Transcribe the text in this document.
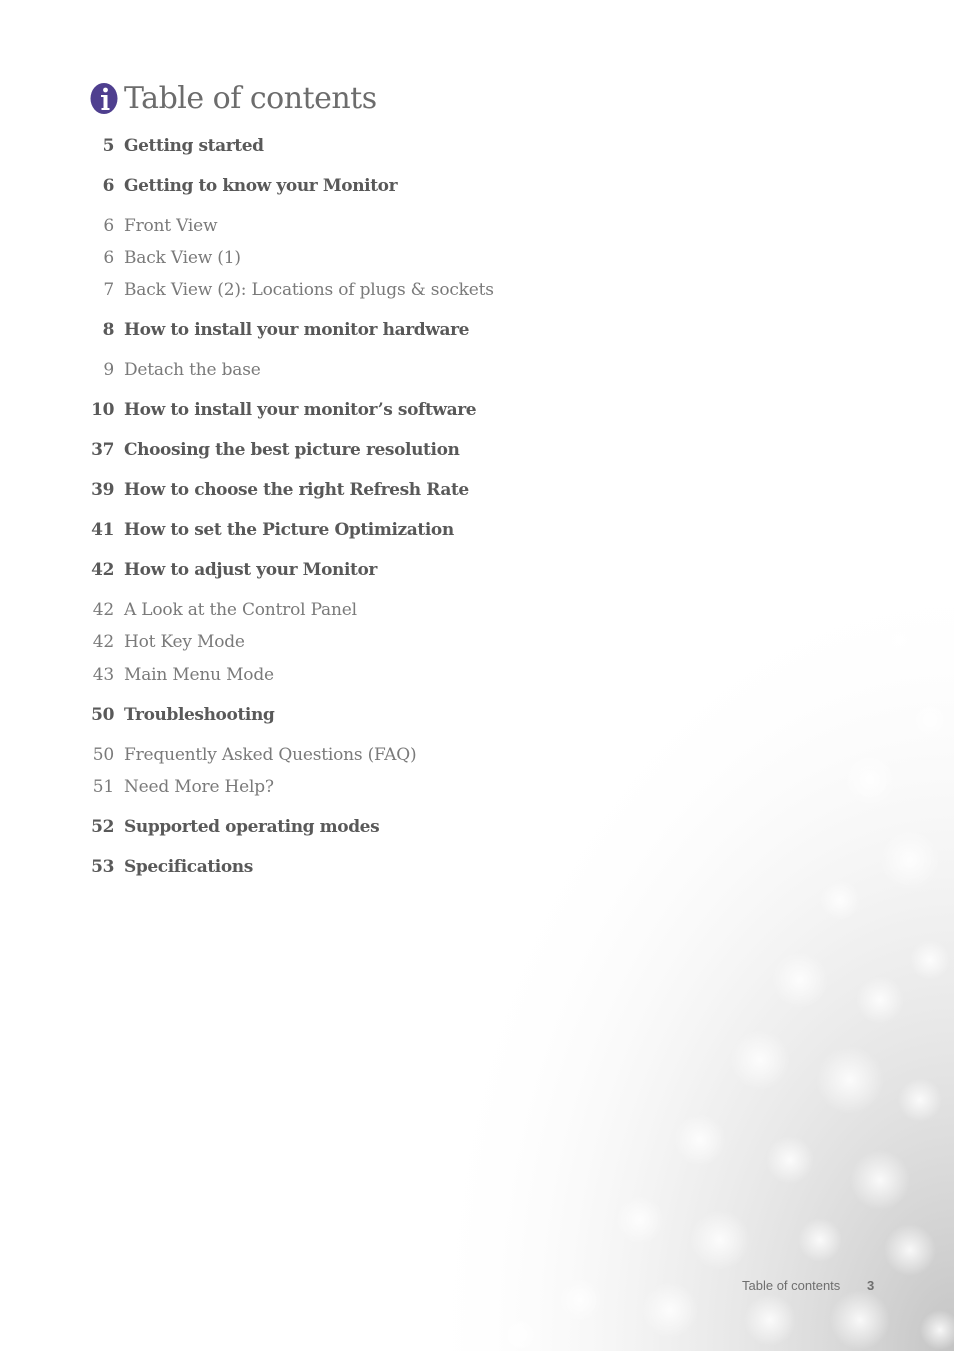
Table of contents
5 Getting started
6 Getting to know your Monitor
6 Front View
6 Back View (1)
7 Back View (2): Locations of plugs & sockets
8 How to install your monitor hardware
9 Detach the base
10 How to install your monitor’s software
37 Choosing the best picture resolution
39 How to choose the right Refresh Rate
41 How to set the Picture Optimization
42 How to adjust your Monitor
42 A Look at the Control Panel
42 Hot Key Mode
43 Main Menu Mode
50 Troubleshooting
50 Frequently Asked Questions (FAQ)
51 Need More Help?
52 Supported operating modes
53 Specifications
Table of contents 3
